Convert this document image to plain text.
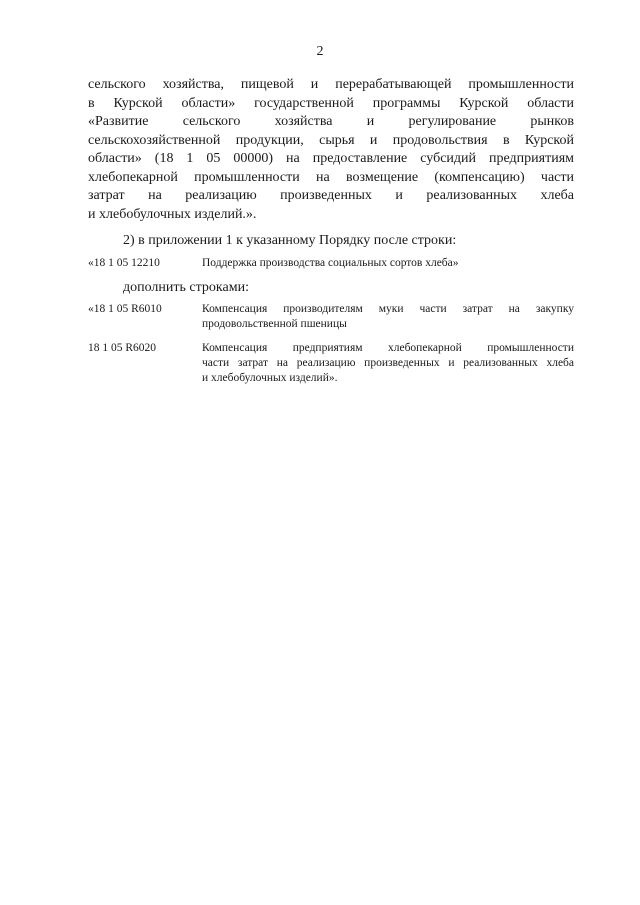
2
сельского хозяйства, пищевой и перерабатывающей промышленности
в Курской области» государственной программы Курской области
«Развитие сельского хозяйства и регулирование рынков
сельскохозяйственной продукции, сырья и продовольствия в Курской
области» (18 1 05 00000) на предоставление субсидий предприятиям
хлебопекарной промышленности на возмещение (компенсацию) части
затрат на реализацию произведенных и реализованных хлеба
и хлебобулочных изделий.».
2) в приложении 1 к указанному Порядку после строки:
«18 1 05 12210	Поддержка производства социальных сортов хлеба»
дополнить строками:
«18 1 05 R6010	Компенсация производителям муки части затрат на закупку
продовольственной пшеницы
18 1 05 R6020	Компенсация предприятиям хлебопекарной промышленности
части затрат на реализацию произведенных и реализованных хлеба
и хлебобулочных изделий».
